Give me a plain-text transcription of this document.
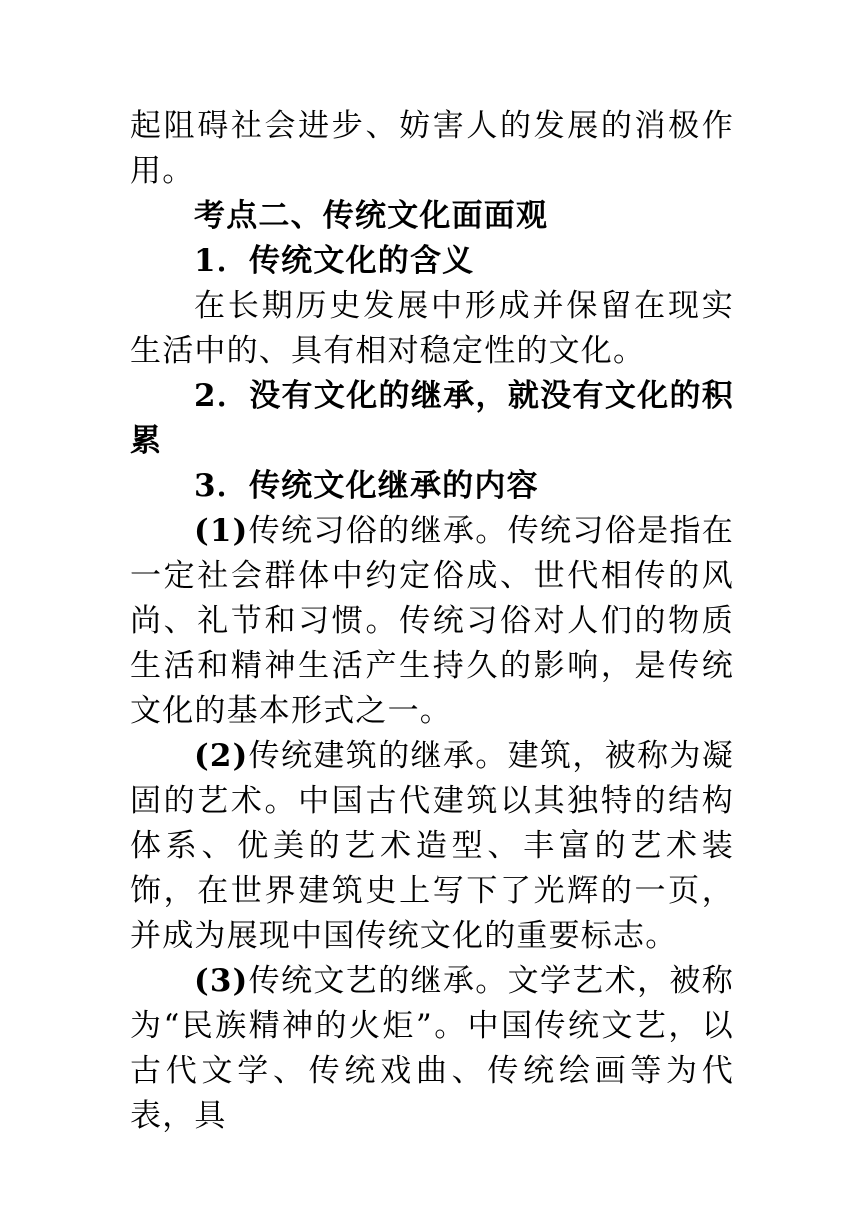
起阻碍社会进步、妨害人的发展的消极作用。

考点二、传统文化面面观

1．传统文化的含义

在长期历史发展中形成并保留在现实生活中的、具有相对稳定性的文化。

2．没有文化的继承，就没有文化的积累

3．传统文化继承的内容

(1)传统习俗的继承。传统习俗是指在一定社会群体中约定俗成、世代相传的风尚、礼节和习惯。传统习俗对人们的物质生活和精神生活产生持久的影响，是传统文化的基本形式之一。

(2)传统建筑的继承。建筑，被称为凝固的艺术。中国古代建筑以其独特的结构体系、优美的艺术造型、丰富的艺术装饰，在世界建筑史上写下了光辉的一页，并成为展现中国传统文化的重要标志。

(3)传统文艺的继承。文学艺术，被称为“民族精神的火炬”。中国传统文艺，以古代文学、传统戏曲、传统绘画等为代表，具
